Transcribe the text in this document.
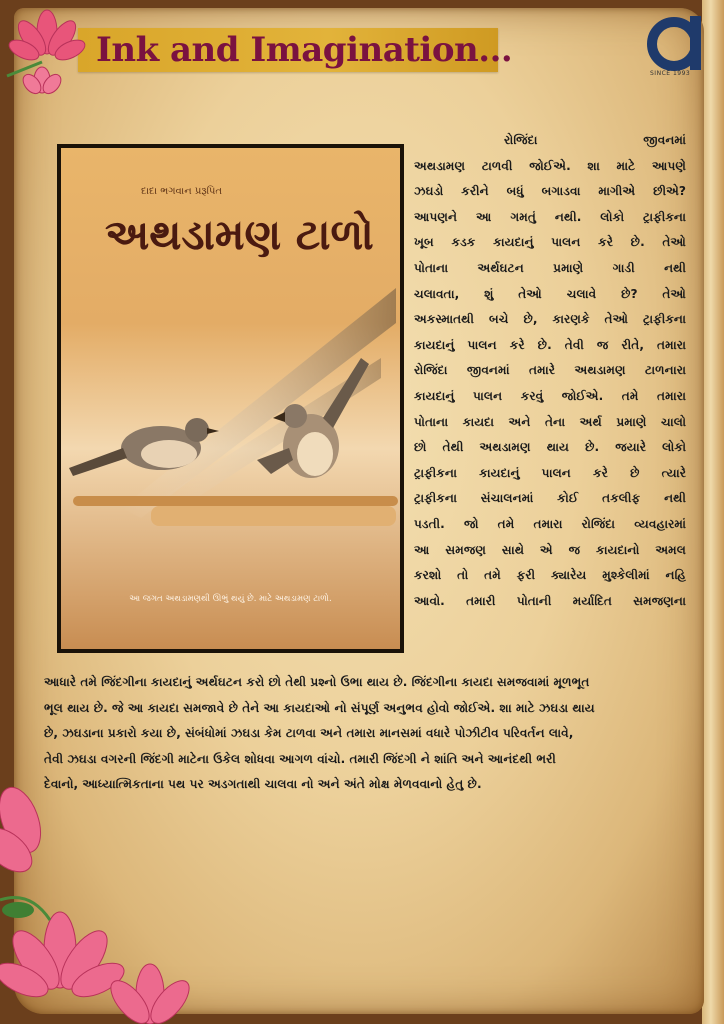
Ink and Imagination...
SINCE 1993
દાદા ભગવાન પ્રરૂપિત
અથડામણ ટાળો
આ જગત અથડામણથી ઊભું થયું છે. માટે અથડામણ ટાળો.
રોજિંદા જીવનમાં
અથડામણ ટાળવી જોઈએ. શા માટે આપણે
ઝઘડો કરીને બધું બગાડવા માગીએ છીએ?
આપણને આ ગમતું નથી. લોકો ટ્રાફીકના
ખૂબ કડક કાયદાનું પાલન કરે છે. તેઓ
પોતાના અર્થઘટન પ્રમાણે ગાડી નથી
ચલાવતા, શું તેઓ ચલાવે છે? તેઓ
અકસ્માતથી બચે છે, કારણકે તેઓ ટ્રાફીકના
કાયદાનું પાલન કરે છે. તેવી જ રીતે, તમારા
રોજિંદા જીવનમાં તમારે અથડામણ ટાળનારા
કાયદાનું પાલન કરવું જોઈએ. તમે તમારા
પોતાના કાયદા અને તેના અર્થ પ્રમાણે ચાલો
છો તેથી અથડામણ થાય છે. જયારે લોકો
ટ્રાફીકના કાયદાનું પાલન કરે છે ત્યારે
ટ્રાફીકના સંચાલનમાં કોઈ તકલીફ નથી
પડતી. જો તમે તમારા રોજિંદા વ્યવહારમાં
આ સમજણ સાથે એ જ કાયદાનો અમલ
કરશો તો તમે ફરી ક્યારેય મુશ્કેલીમાં નહિ
આવો. તમારી પોતાની મર્યાદિત સમજણના
આધારે તમે જિંદગીના કાયદાનું અર્થઘટન કરો છો તેથી પ્રશ્નો ઉભા થાય છે. જિંદગીના કાયદા સમજવામાં મૂળભૂત
ભૂલ થાય છે. જે આ કાયદા સમજાવે છે તેને આ કાયદાઓ નો સંપૂર્ણ અનુભવ હોવો જોઈએ. શા માટે ઝઘડા થાય
છે, ઝઘડાના પ્રકારો કયા છે, સંબંધોમાં ઝઘડા કેમ ટાળવા અને તમારા માનસમાં વધારે પોઝીટીવ પરિવર્તન લાવે,
તેવી ઝઘડા વગરની જિંદગી માટેના ઉકેલ શોધવા આગળ વાંચો. તમારી જિંદગી ને શાંતિ અને આનંદથી ભરી
દેવાનો, આધ્યાત્મિકતાના પથ પર અડગતાથી ચાલવા નો અને અંતે મોક્ષ મેળવવાનો હેતુ છે.
